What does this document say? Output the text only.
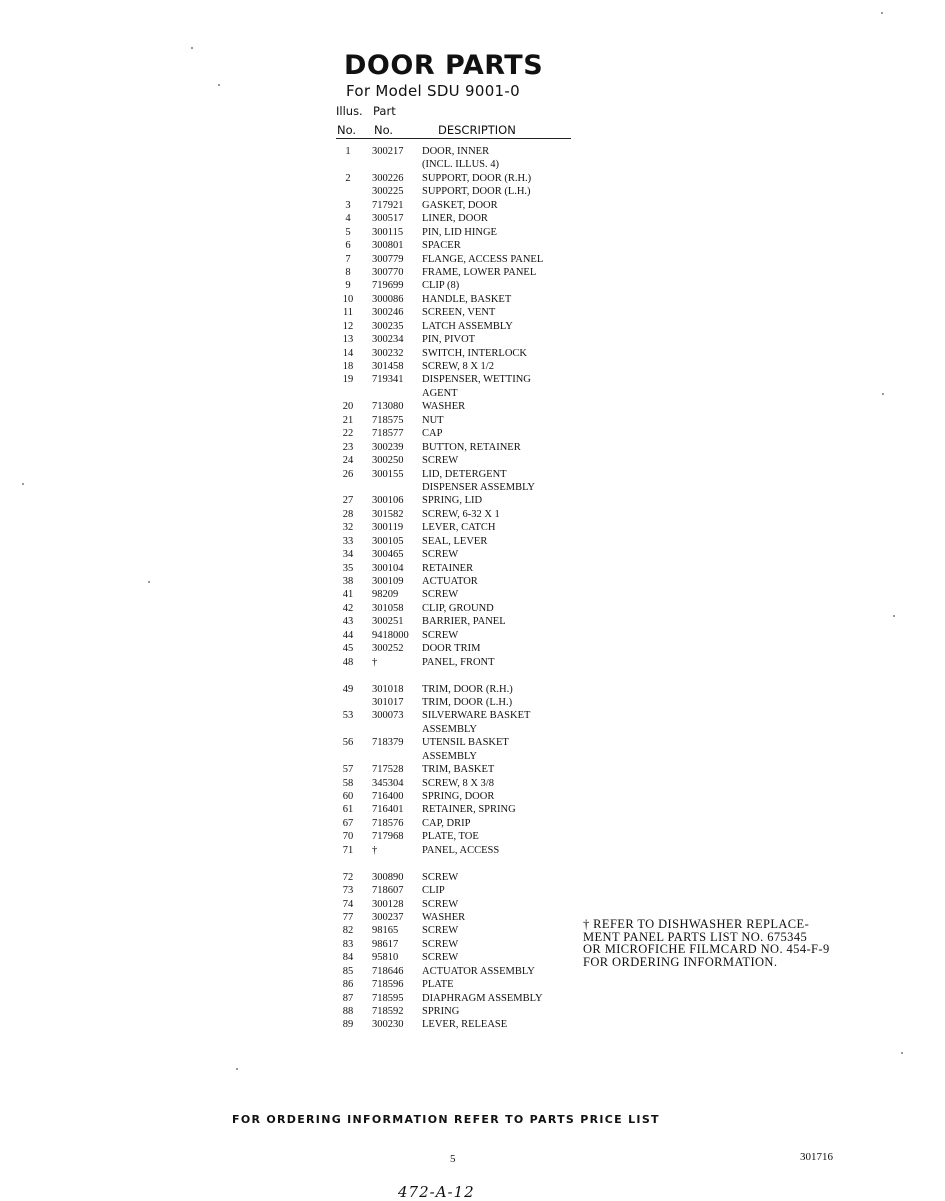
DOOR PARTS
For Model SDU 9001-0
Illus. Part
No. No.	DESCRIPTION
1	300217	DOOR, INNER
(INCL. ILLUS. 4)
2	300226	SUPPORT, DOOR (R.H.)
300225	SUPPORT, DOOR (L.H.)
3	717921	GASKET, DOOR
4	300517	LINER, DOOR
5	300115	PIN, LID HINGE
6	300801	SPACER
7	300779	FLANGE, ACCESS PANEL
8	300770	FRAME, LOWER PANEL
9	719699	CLIP (8)
10	300086	HANDLE, BASKET
11	300246	SCREEN, VENT
12	300235	LATCH ASSEMBLY
13	300234	PIN, PIVOT
14	300232	SWITCH, INTERLOCK
18	301458	SCREW, 8 X 1/2
19	719341	DISPENSER, WETTING
AGENT
20	713080	WASHER
21	718575	NUT
22	718577	CAP
23	300239	BUTTON, RETAINER
24	300250	SCREW
26	300155	LID, DETERGENT
DISPENSER ASSEMBLY
27	300106	SPRING, LID
28	301582	SCREW, 6-32 X 1
32	300119	LEVER, CATCH
33	300105	SEAL, LEVER
34	300465	SCREW
35	300104	RETAINER
38	300109	ACTUATOR
41	98209	SCREW
42	301058	CLIP, GROUND
43	300251	BARRIER, PANEL
44	9418000	SCREW
45	300252	DOOR TRIM
48	†	PANEL, FRONT
49	301018	TRIM, DOOR (R.H.)
301017	TRIM, DOOR (L.H.)
53	300073	SILVERWARE BASKET
ASSEMBLY
56	718379	UTENSIL BASKET
ASSEMBLY
57	717528	TRIM, BASKET
58	345304	SCREW, 8 X 3/8
60	716400	SPRING, DOOR
61	716401	RETAINER, SPRING
67	718576	CAP, DRIP
70	717968	PLATE, TOE
71	†	PANEL, ACCESS
72	300890	SCREW
73	718607	CLIP
74	300128	SCREW
77	300237	WASHER
82	98165	SCREW
83	98617	SCREW
84	95810	SCREW
85	718646	ACTUATOR ASSEMBLY
86	718596	PLATE
87	718595	DIAPHRAGM ASSEMBLY
88	718592	SPRING
89	300230	LEVER, RELEASE
† REFER TO DISHWASHER REPLACE-
MENT PANEL PARTS LIST NO. 675345
OR MICROFICHE FILMCARD NO. 454-F-9
FOR ORDERING INFORMATION.
FOR ORDERING INFORMATION REFER TO PARTS PRICE LIST
5	301716
472-A-12
